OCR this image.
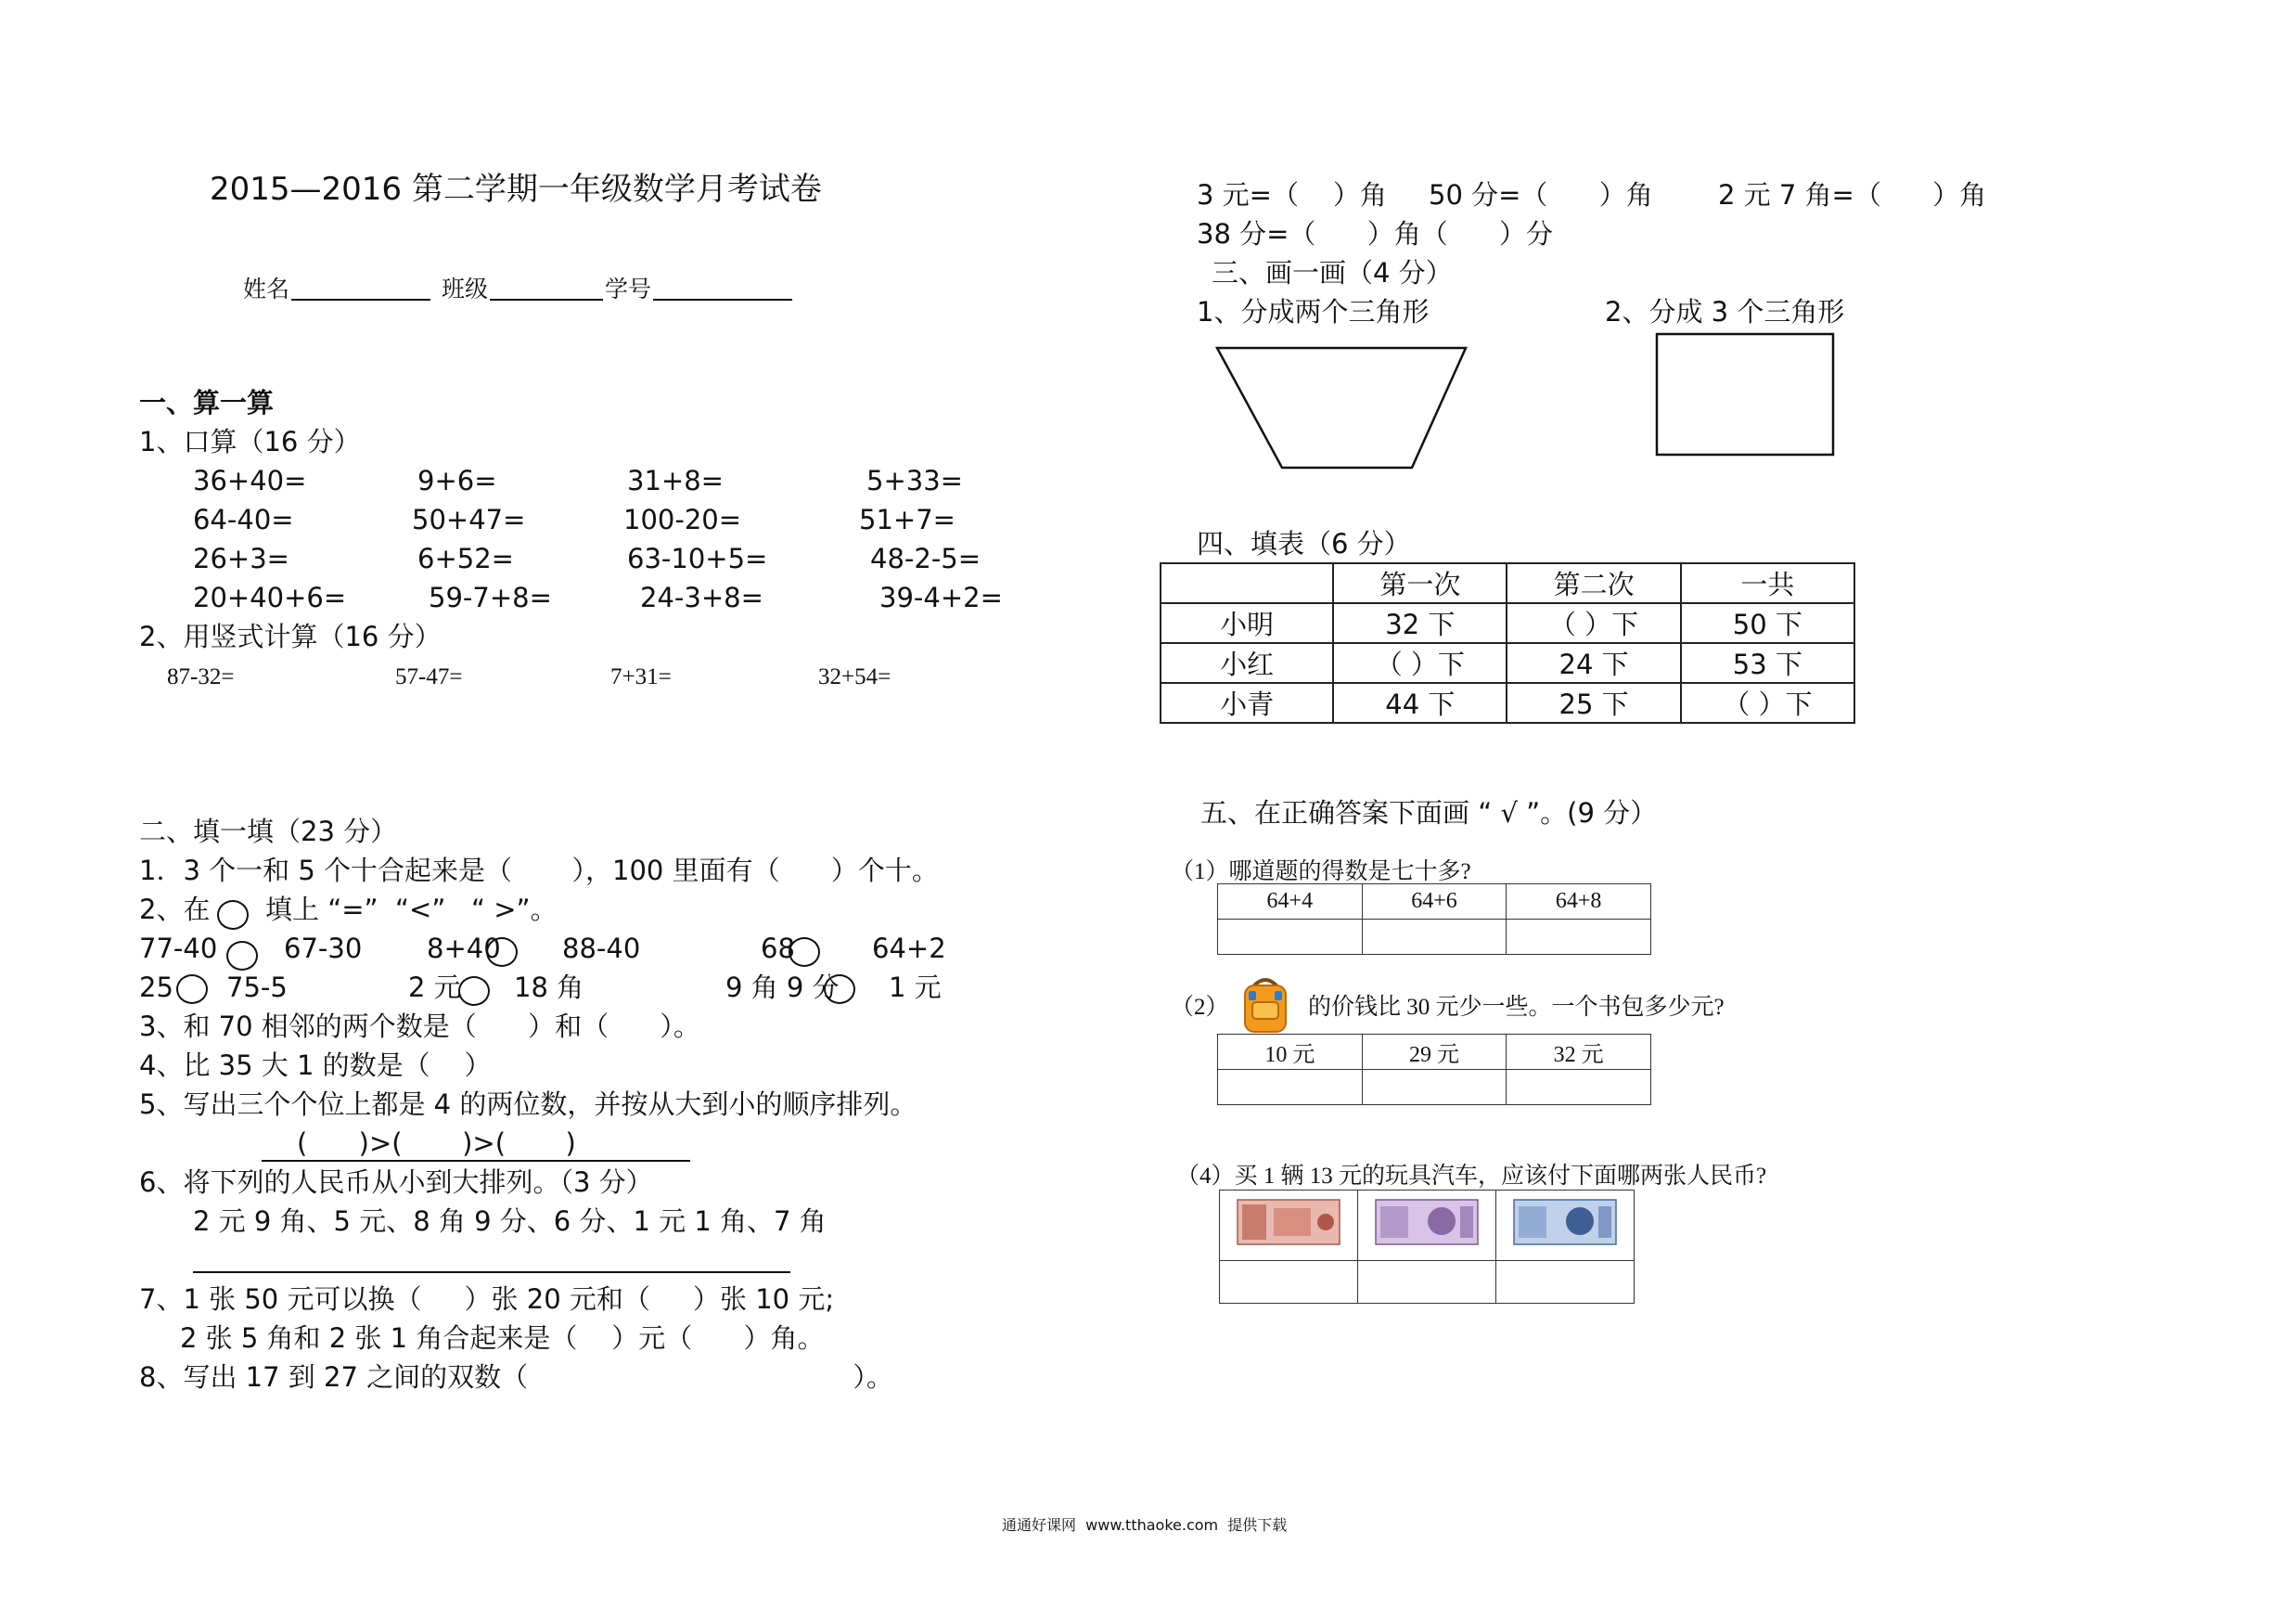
2015—2016 第二学期一年级数学月考试卷
姓名	班级	学号
一、算一算
1、口算（16 分）
36+40=	9+6=	31+8=	5+33=
64-40=	50+47=	100-20=	51+7=
26+3=	6+52=	63-10+5=	48-2-5=
20+40+6=	59-7+8=	24-3+8=	39-4+2=
2、用竖式计算（16 分）
87-32=	57-47=	7+31=	32+54=
二、填一填（23 分）
1．3 个一和 5 个十合起来是（       ），100 里面有（      ）个十。
2、在 填上 “=”  “<”   “ >”。
77-40 67-30 8+40 88-40	68	64+2
25 75-5	2 元 18 角	9 角 9 分 1 元
3、和 70 相邻的两个数是（      ）和（      ）。
4、比 35 大 1 的数是（    ）
5、写出三个个位上都是 4 的两位数，并按从大到小的顺序排列。
(      )>(       )>(       )
6、将下列的人民币从小到大排列。（3 分）
2 元 9 角、5 元、8 角 9 分、6 分、1 元 1 角、7 角
7、1 张 50 元可以换（     ）张 20 元和（     ）张 10 元;
2 张 5 角和 2 张 1 角合起来是（    ）元（      ）角。
8、写出 17 到 27 之间的双数（                                      ）。
3 元=（    ）角 50 分=（      ）角 2 元 7 角=（      ）角
38 分=（      ）角（      ）分
三、画一画（4 分）
1、分成两个三角形	2、分成 3 个三角形
四、填表（6 分）
	第一次	第二次	一共
小明	32 下	（ ）下	50 下
小红	（ ）下	24 下	53 下
小青	44 下	25 下	（ ）下
五、在正确答案下面画 “ √ ”。(9 分）
（1）哪道题的得数是七十多?
64+4	64+6	64+8

（2）	的价钱比 30 元少一些。一个书包多少元?
10 元	29 元	32 元

（4）买 1 辆 13 元的玩具汽车，应该付下面哪两张人民币?

通通好课网  www.tthaoke.com  提供下载
